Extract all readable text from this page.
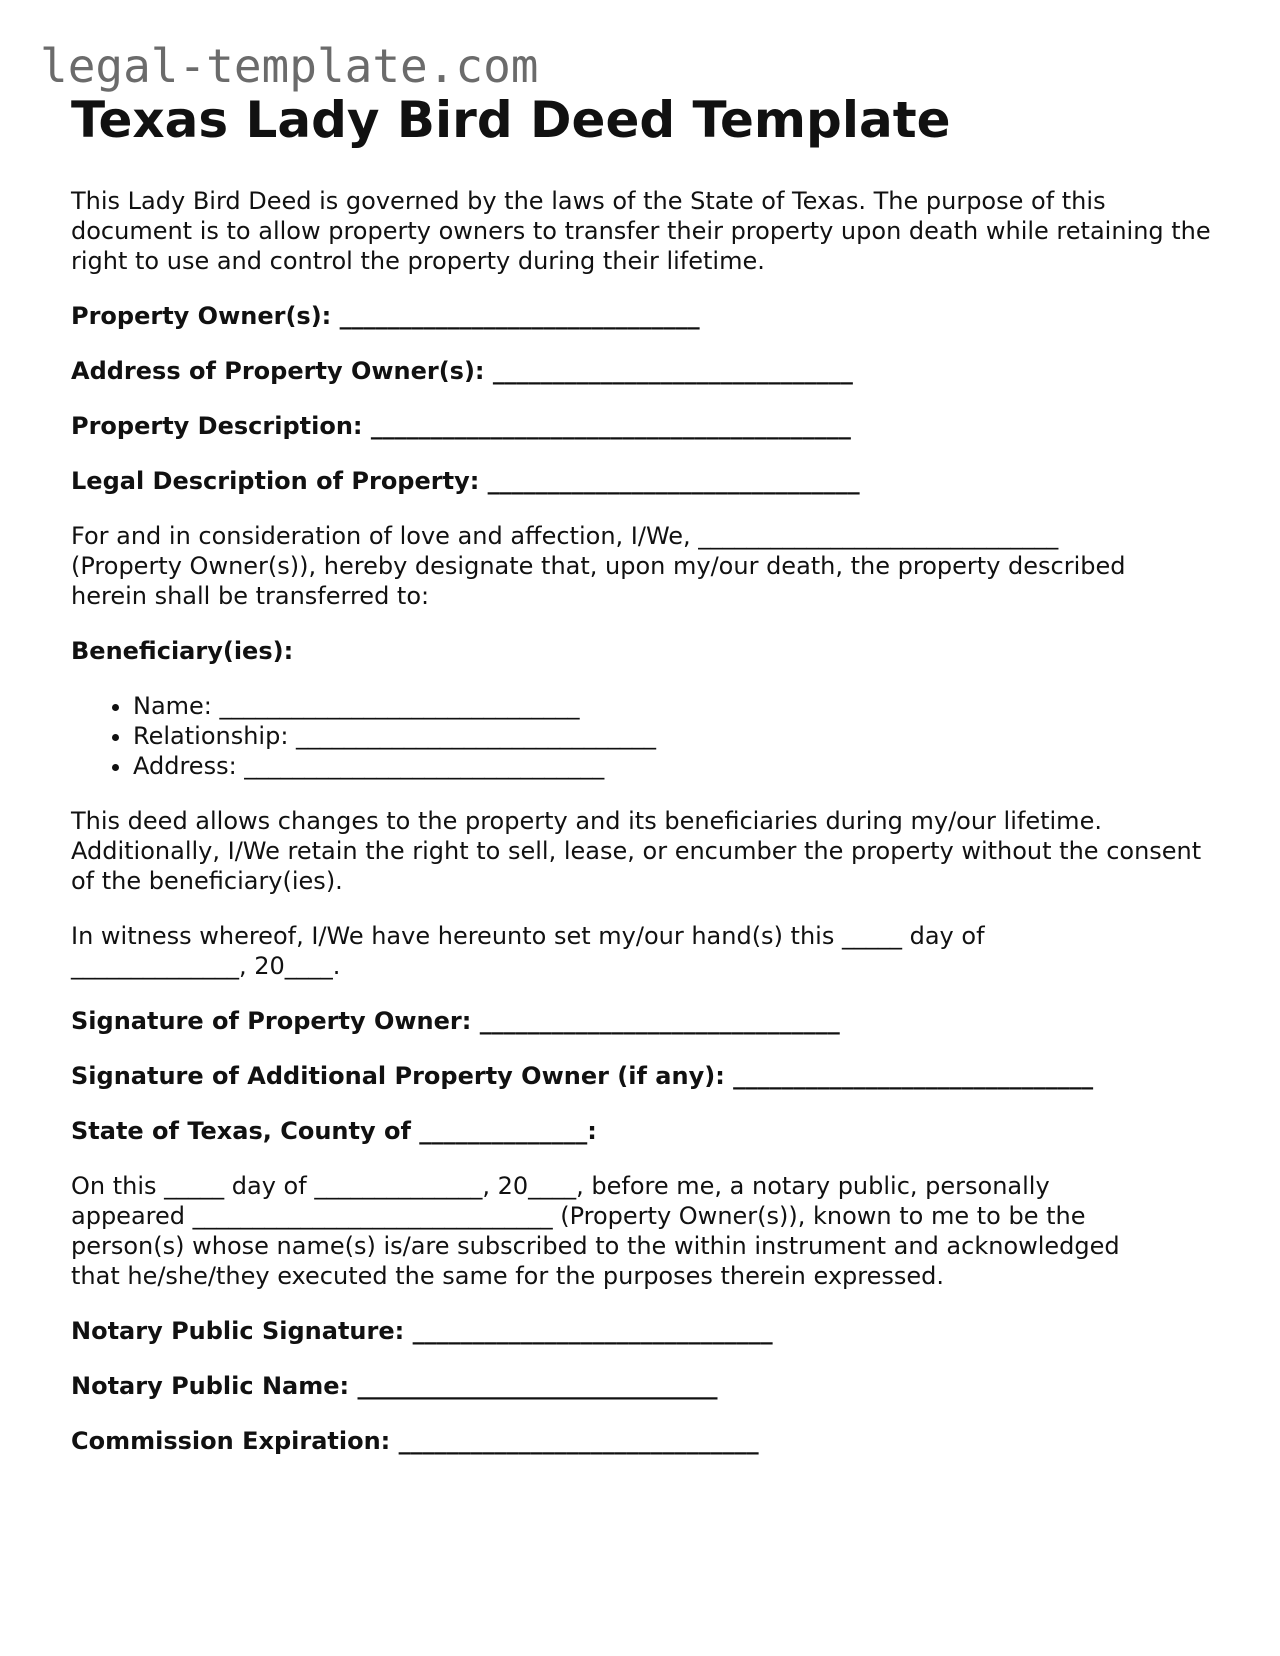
legal-template.com
Texas Lady Bird Deed Template

This Lady Bird Deed is governed by the laws of the State of Texas. The purpose of this document is to allow property owners to transfer their property upon death while retaining the right to use and control the property during their lifetime.

Property Owner(s): ______________________________

Address of Property Owner(s): ______________________________

Property Description: ________________________________________

Legal Description of Property: _______________________________

For and in consideration of love and affection, I/We, ______________________________
(Property Owner(s)), hereby designate that, upon my/our death, the property described
herein shall be transferred to:

Beneficiary(ies):

• Name: ______________________________
• Relationship: ______________________________
• Address: ______________________________

This deed allows changes to the property and its beneficiaries during my/our lifetime. Additionally, I/We retain the right to sell, lease, or encumber the property without the consent of the beneficiary(ies).

In witness whereof, I/We have hereunto set my/our hand(s) this _____ day of
______________, 20____.

Signature of Property Owner: ______________________________

Signature of Additional Property Owner (if any): ______________________________

State of Texas, County of ______________:

On this _____ day of ______________, 20____, before me, a notary public, personally
appeared ______________________________ (Property Owner(s)), known to me to be the
person(s) whose name(s) is/are subscribed to the within instrument and acknowledged
that he/she/they executed the same for the purposes therein expressed.

Notary Public Signature: ______________________________

Notary Public Name: ______________________________

Commission Expiration: ______________________________
